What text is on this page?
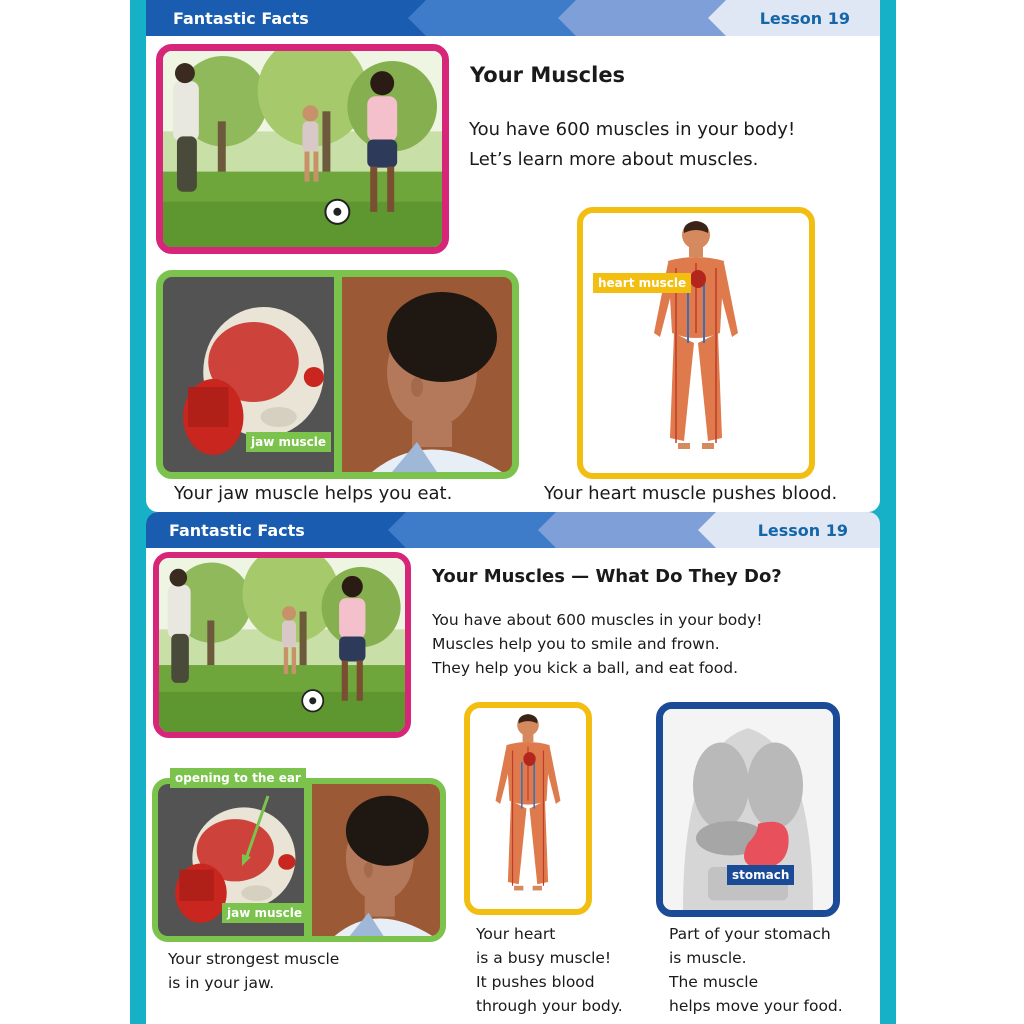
Fantastic Facts	Lesson 19
Your Muscles
You have 600 muscles in your body!
Let’s learn more about muscles.
jaw muscle
heart muscle
Your jaw muscle helps you eat.	Your heart muscle pushes blood.
Fantastic Facts	Lesson 19
Your Muscles — What Do They Do?
You have about 600 muscles in your body!
Muscles help you to smile and frown.
They help you kick a ball, and eat food.
jaw muscle
opening to the ear
stomach
Your strongest muscle
is in your jaw.
Your heart
is a busy muscle!
It pushes blood
through your body.
Part of your stomach
is muscle.
The muscle
helps move your food.
